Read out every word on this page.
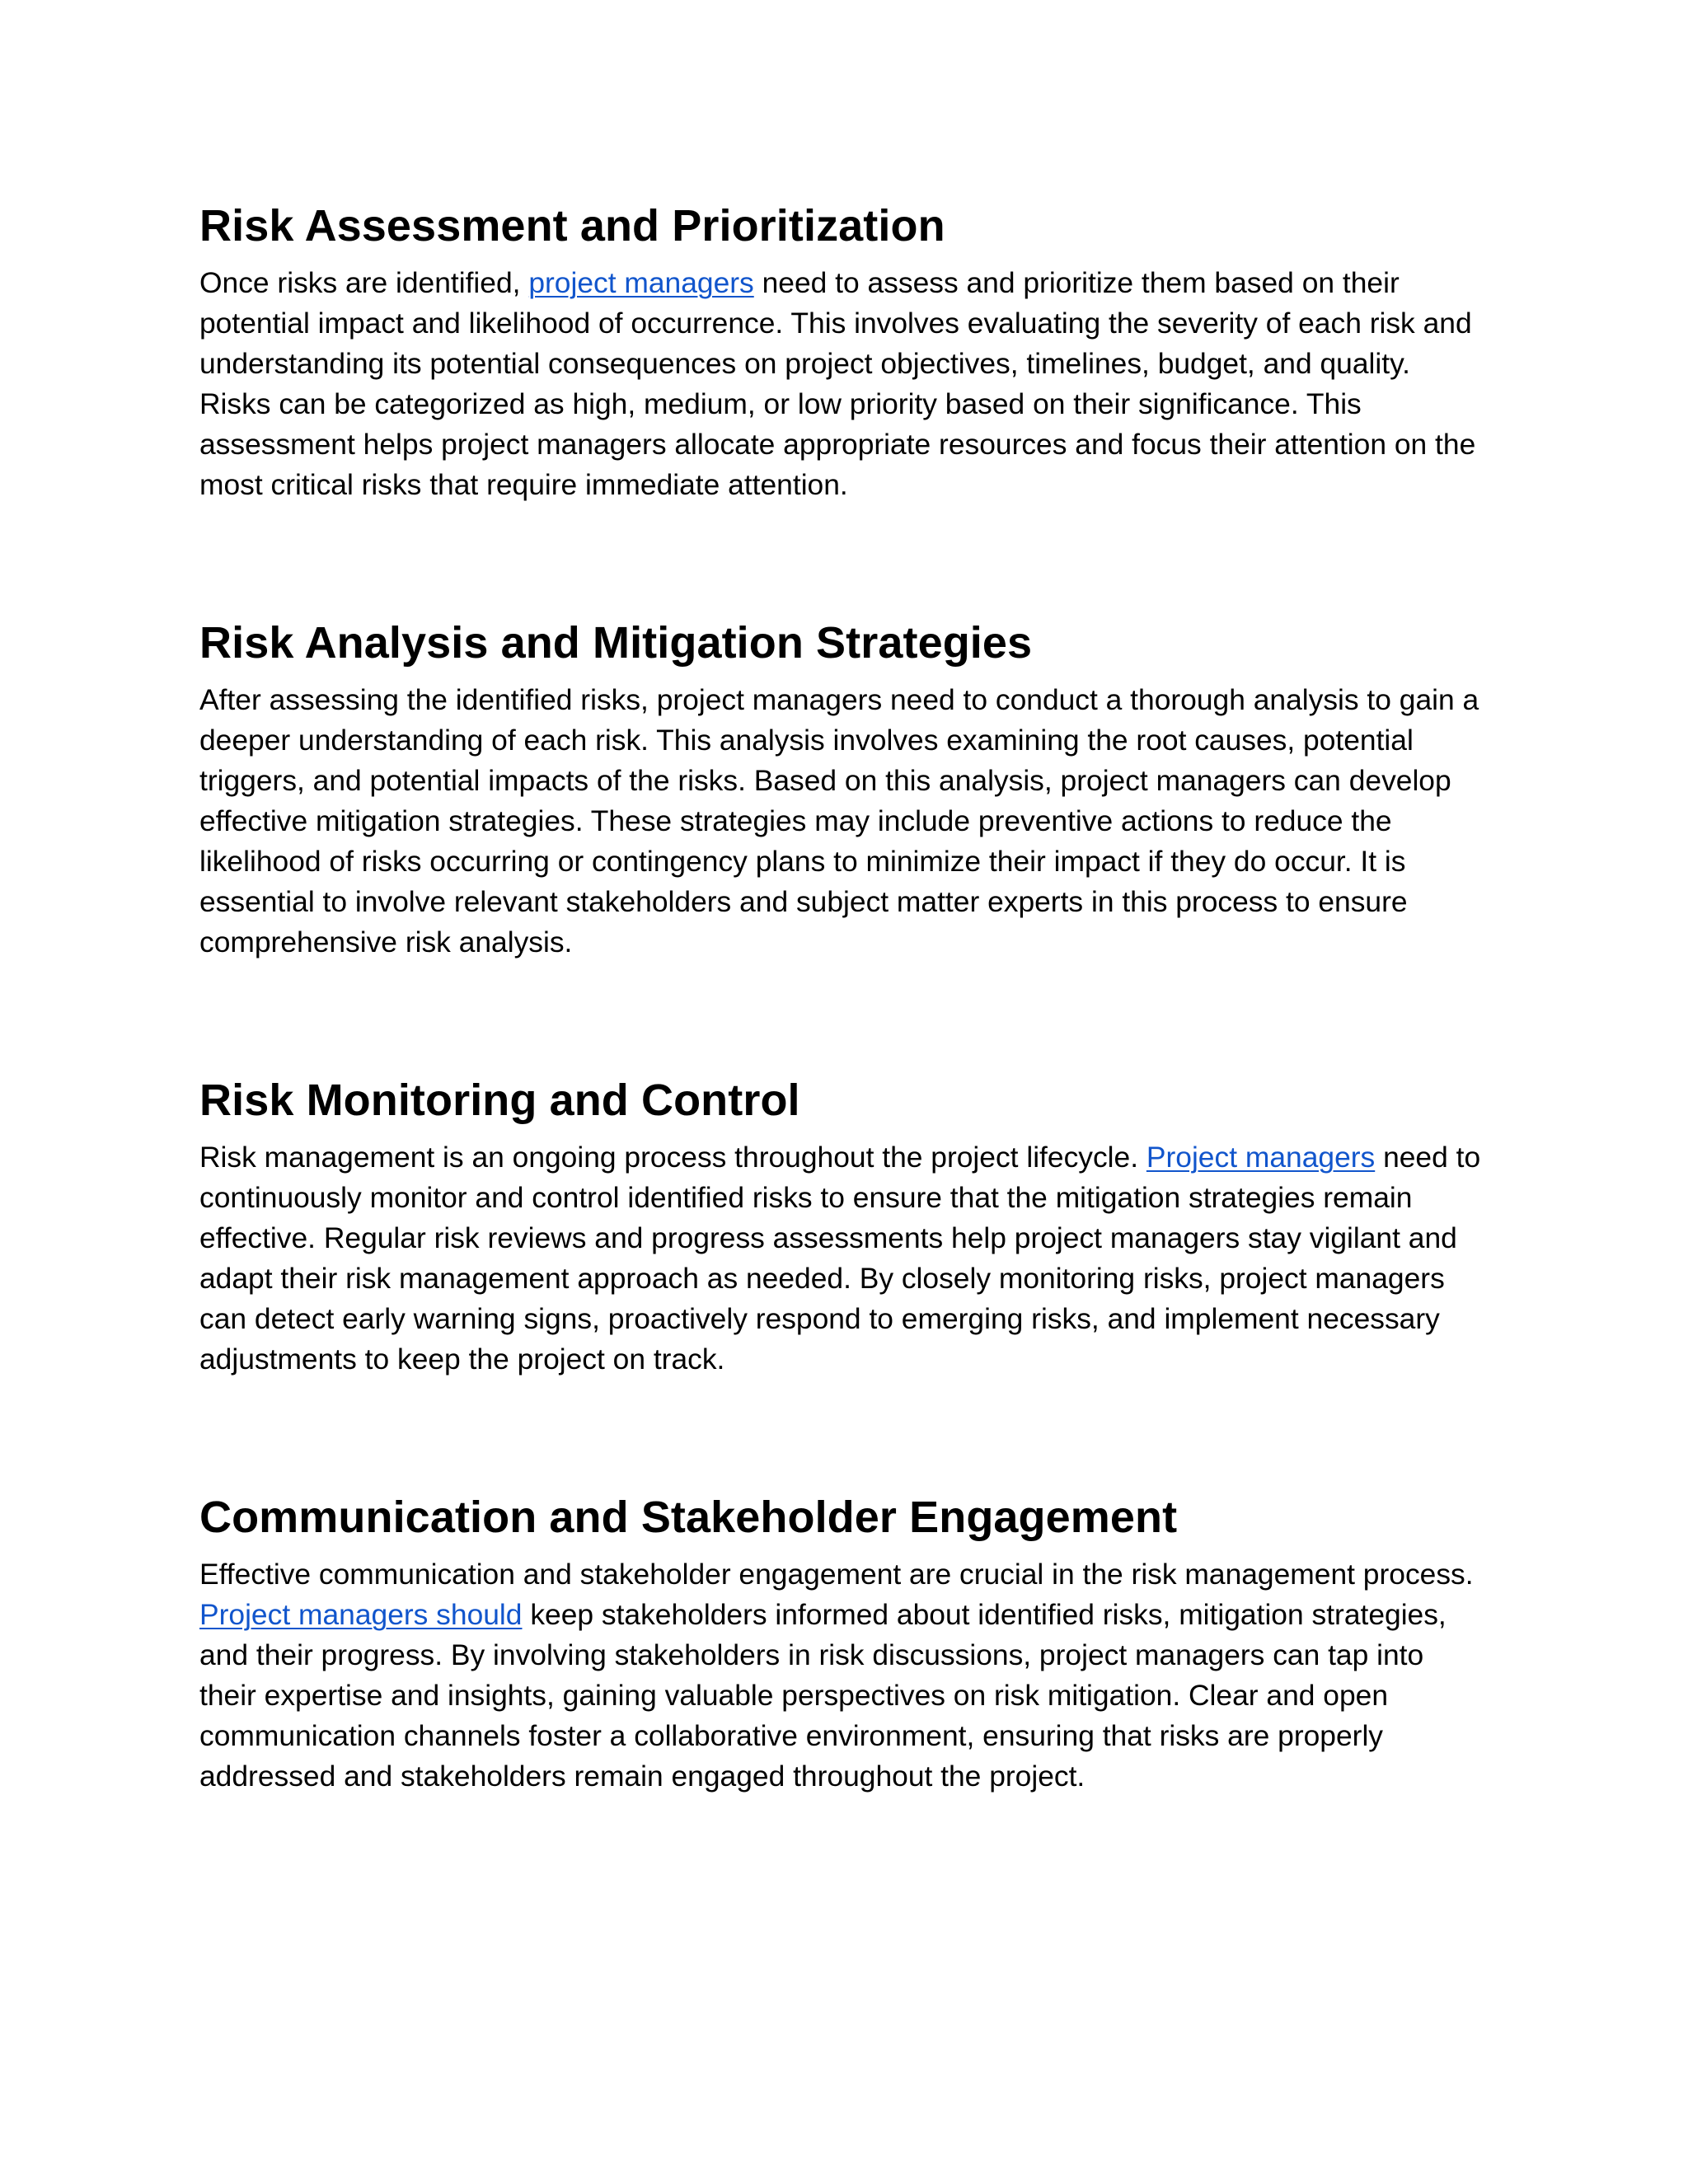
Risk Assessment and Prioritization

Once risks are identified, project managers need to assess and prioritize them based on their potential impact and likelihood of occurrence. This involves evaluating the severity of each risk and understanding its potential consequences on project objectives, timelines, budget, and quality. Risks can be categorized as high, medium, or low priority based on their significance. This assessment helps project managers allocate appropriate resources and focus their attention on the most critical risks that require immediate attention.

Risk Analysis and Mitigation Strategies

After assessing the identified risks, project managers need to conduct a thorough analysis to gain a deeper understanding of each risk. This analysis involves examining the root causes, potential triggers, and potential impacts of the risks. Based on this analysis, project managers can develop effective mitigation strategies. These strategies may include preventive actions to reduce the likelihood of risks occurring or contingency plans to minimize their impact if they do occur. It is essential to involve relevant stakeholders and subject matter experts in this process to ensure comprehensive risk analysis.

Risk Monitoring and Control

Risk management is an ongoing process throughout the project lifecycle. Project managers need to continuously monitor and control identified risks to ensure that the mitigation strategies remain effective. Regular risk reviews and progress assessments help project managers stay vigilant and adapt their risk management approach as needed. By closely monitoring risks, project managers can detect early warning signs, proactively respond to emerging risks, and implement necessary adjustments to keep the project on track.

Communication and Stakeholder Engagement

Effective communication and stakeholder engagement are crucial in the risk management process. Project managers should keep stakeholders informed about identified risks, mitigation strategies, and their progress. By involving stakeholders in risk discussions, project managers can tap into their expertise and insights, gaining valuable perspectives on risk mitigation. Clear and open communication channels foster a collaborative environment, ensuring that risks are properly addressed and stakeholders remain engaged throughout the project.
